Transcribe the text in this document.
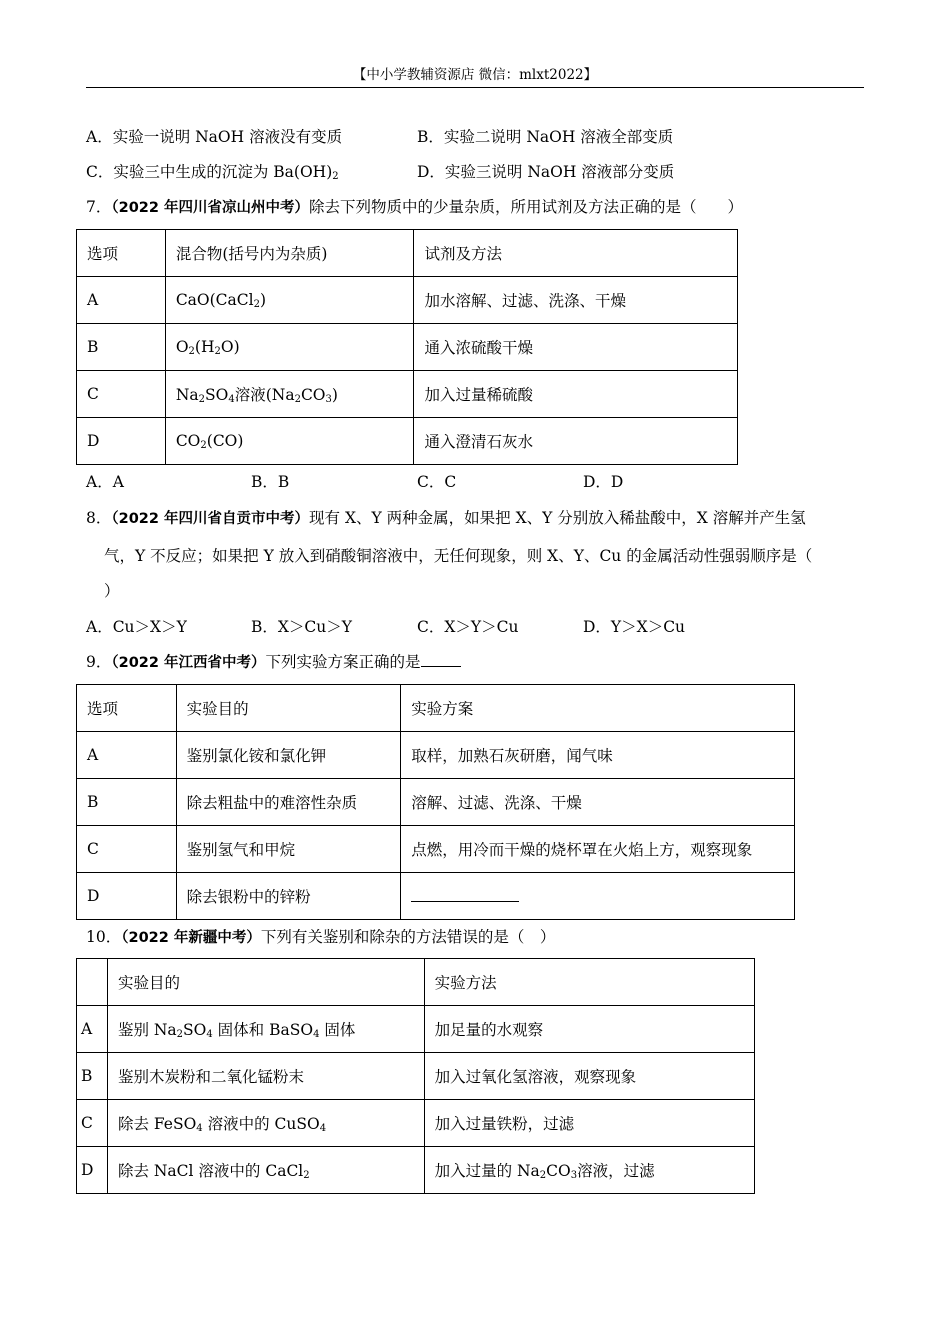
【中小学教辅资源店 微信：mlxt2022】
A．实验一说明 NaOH 溶液没有变质	B．实验二说明 NaOH 溶液全部变质
C．实验三中生成的沉淀为 $Ba(OH)_2$	D．实验三说明 NaOH 溶液部分变质
7．（2022 年四川省凉山州中考）除去下列物质中的少量杂质，所用试剂及方法正确的是（　　）
选项	混合物(括号内为杂质)	试剂及方法
A	CaO(CaCl$_2$)	加水溶解、过滤、洗涤、干燥
B	$O_2(H_2O)$	通入浓硫酸干燥
C	$Na_2SO_4$溶液$(Na_2CO_3)$	加入过量稀硫酸
D	$CO_2(CO)$	通入澄清石灰水
A．A	B．B	C．C	D．D
8．（2022 年四川省自贡市中考）现有 X、Y 两种金属，如果把 X、Y 分别放入稀盐酸中，X 溶解并产生氢
气，Y 不反应；如果把 Y 放入到硝酸铜溶液中，无任何现象，则 X、Y、Cu 的金属活动性强弱顺序是（
）
A．Cu＞X＞Y	B．X＞Cu＞Y	C．X＞Y＞Cu	D．Y＞X＞Cu
9．（2022 年江西省中考）下列实验方案正确的是
选项	实验目的	实验方案
A	鉴别氯化铵和氯化钾	取样，加熟石灰研磨，闻气味
B	除去粗盐中的难溶性杂质	溶解、过滤、洗涤、干燥
C	鉴别氢气和甲烷	点燃，用冷而干燥的烧杯罩在火焰上方，观察现象
D	除去银粉中的锌粉	
10．（2022 年新疆中考）下列有关鉴别和除杂的方法错误的是（　）
	实验目的	实验方法
A	鉴别 $Na_2SO_4$ 固体和 BaSO$_4$ 固体	加足量的水观察
B	鉴别木炭粉和二氧化锰粉末	加入过氧化氢溶液，观察现象
C	除去 FeSO$_4$ 溶液中的 CuSO$_4$	加入过量铁粉，过滤
D	除去 NaCl 溶液中的 CaCl$_2$	加入过量的 $Na_2CO_3$溶液，过滤
